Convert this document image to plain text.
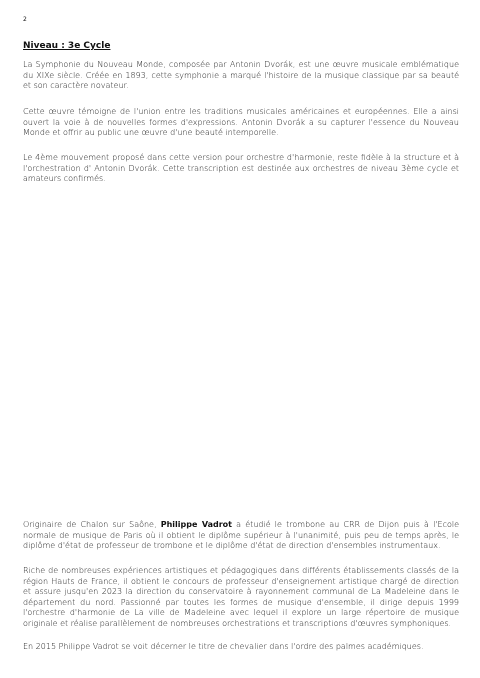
2
Niveau : 3e Cycle

La Symphonie du Nouveau Monde, composée par Antonin Dvorák, est une œuvre musicale emblématique du XIXe siècle. Créée en 1893, cette symphonie a marqué l'histoire de la musique classique par sa beauté et son caractère novateur.

Cette œuvre témoigne de l'union entre les traditions musicales américaines et européennes. Elle a ainsi ouvert la voie à de nouvelles formes d'expressions. Antonin Dvorák a su capturer l'essence du Nouveau Monde et offrir au public une œuvre d'une beauté intemporelle.

Le 4ème mouvement proposé dans cette version pour orchestre d'harmonie, reste fidèle à la structure et à l'orchestration d' Antonin Dvorák. Cette transcription est destinée aux orchestres de niveau 3ème cycle et amateurs confirmés.

Originaire de Chalon sur Saône, Philippe Vadrot a étudié le trombone au CRR de Dijon puis à l'Ecole normale de musique de Paris où il obtient le diplôme supérieur à l'unanimité, puis peu de temps après, le diplôme d'état de professeur de trombone et le diplôme d'état de direction d'ensembles instrumentaux.

Riche de nombreuses expériences artistiques et pédagogiques dans différents établissements classés de la région Hauts de France, il obtient le concours de professeur d'enseignement artistique chargé de direction et assure jusqu'en 2023 la direction du conservatoire à rayonnement communal de La Madeleine dans le département du nord. Passionné par toutes les formes de musique d'ensemble, il dirige depuis 1999 l'orchestre d'harmonie de La ville de Madeleine avec lequel il explore un large répertoire de musique originale et réalise parallèlement de nombreuses orchestrations et transcriptions d'œuvres symphoniques.

En 2015 Philippe Vadrot se voit décerner le titre de chevalier dans l'ordre des palmes académiques.
